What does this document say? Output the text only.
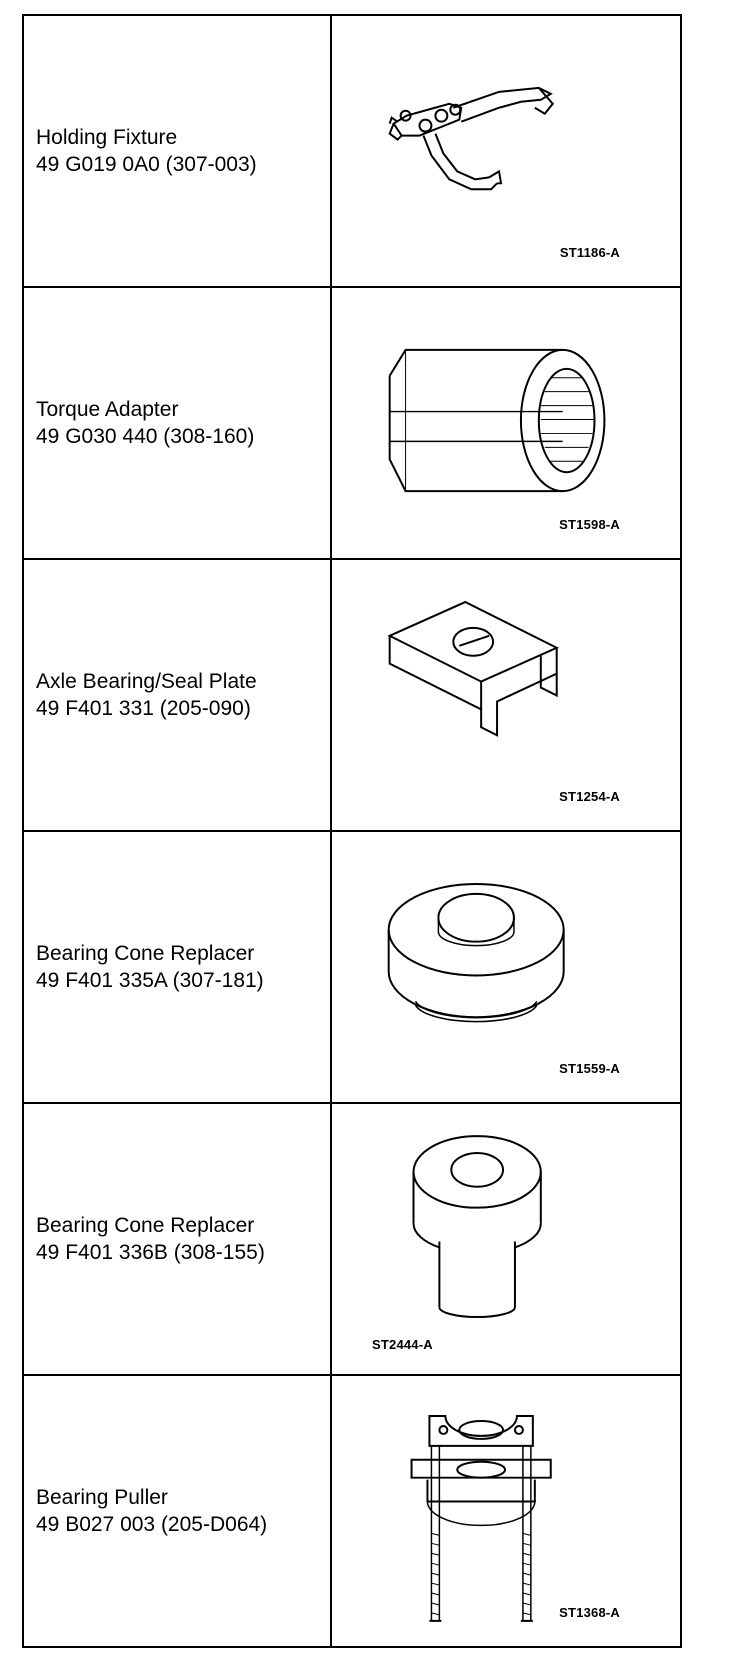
Holding Fixture
49 G019 0A0 (307-003)
ST1186-A
Torque Adapter
49 G030 440 (308-160)
ST1598-A
Axle Bearing/Seal Plate
49 F401 331 (205-090)
ST1254-A
Bearing Cone Replacer
49 F401 335A (307-181)
ST1559-A
Bearing Cone Replacer
49 F401 336B (308-155)
ST2444-A
Bearing Puller
49 B027 003 (205-D064)
ST1368-A
